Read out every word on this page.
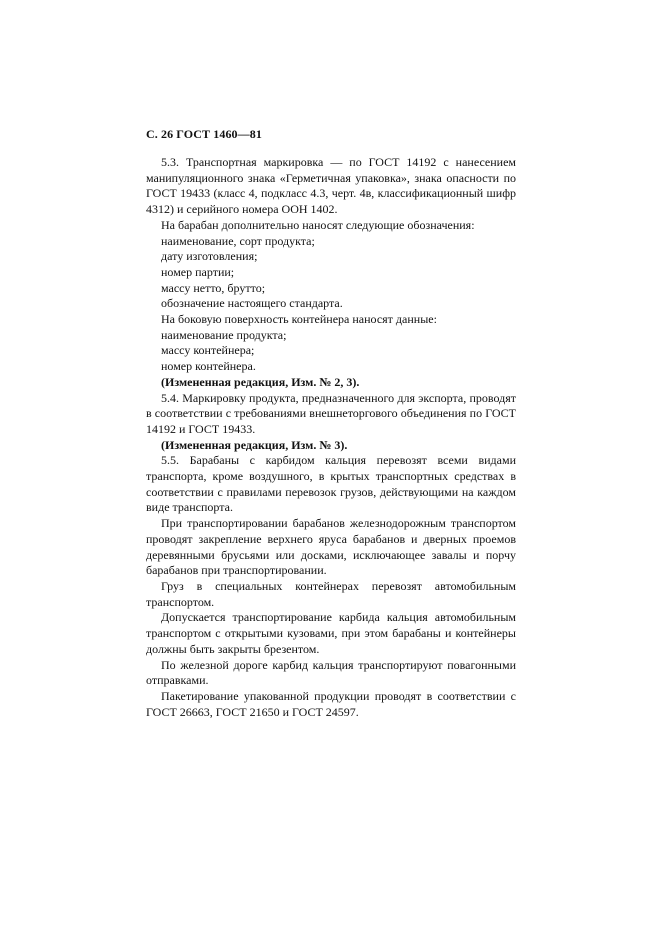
С. 26 ГОСТ 1460—81

5.3. Транспортная маркировка — по ГОСТ 14192 с нанесением манипуляционного знака «Герметичная упаковка», знака опасности по ГОСТ 19433 (класс 4, подкласс 4.3, черт. 4в, классификационный шифр 4312) и серийного номера ООН 1402.

На барабан дополнительно наносят следующие обозначения:

наименование, сорт продукта;

дату изготовления;

номер партии;

массу нетто, брутто;

обозначение настоящего стандарта.

На боковую поверхность контейнера наносят данные:

наименование продукта;

массу контейнера;

номер контейнера.

(Измененная редакция, Изм. № 2, 3).

5.4. Маркировку продукта, предназначенного для экспорта, проводят в соответствии с требованиями внешнеторгового объединения по ГОСТ 14192 и ГОСТ 19433.

(Измененная редакция, Изм. № 3).

5.5. Барабаны с карбидом кальция перевозят всеми видами транспорта, кроме воздушного, в крытых транспортных средствах в соответствии с правилами перевозок грузов, действующими на каждом виде транспорта.

При транспортировании барабанов железнодорожным транспортом проводят закрепление верхнего яруса барабанов и дверных проемов деревянными брусьями или досками, исключающее завалы и порчу барабанов при транспортировании.

Груз в специальных контейнерах перевозят автомобильным транспортом.

Допускается транспортирование карбида кальция автомобильным транспортом с открытыми кузовами, при этом барабаны и контейнеры должны быть закрыты брезентом.

По железной дороге карбид кальция транспортируют повагонными отправками.

Пакетирование упакованной продукции проводят в соответствии с ГОСТ 26663, ГОСТ 21650 и ГОСТ 24597.
